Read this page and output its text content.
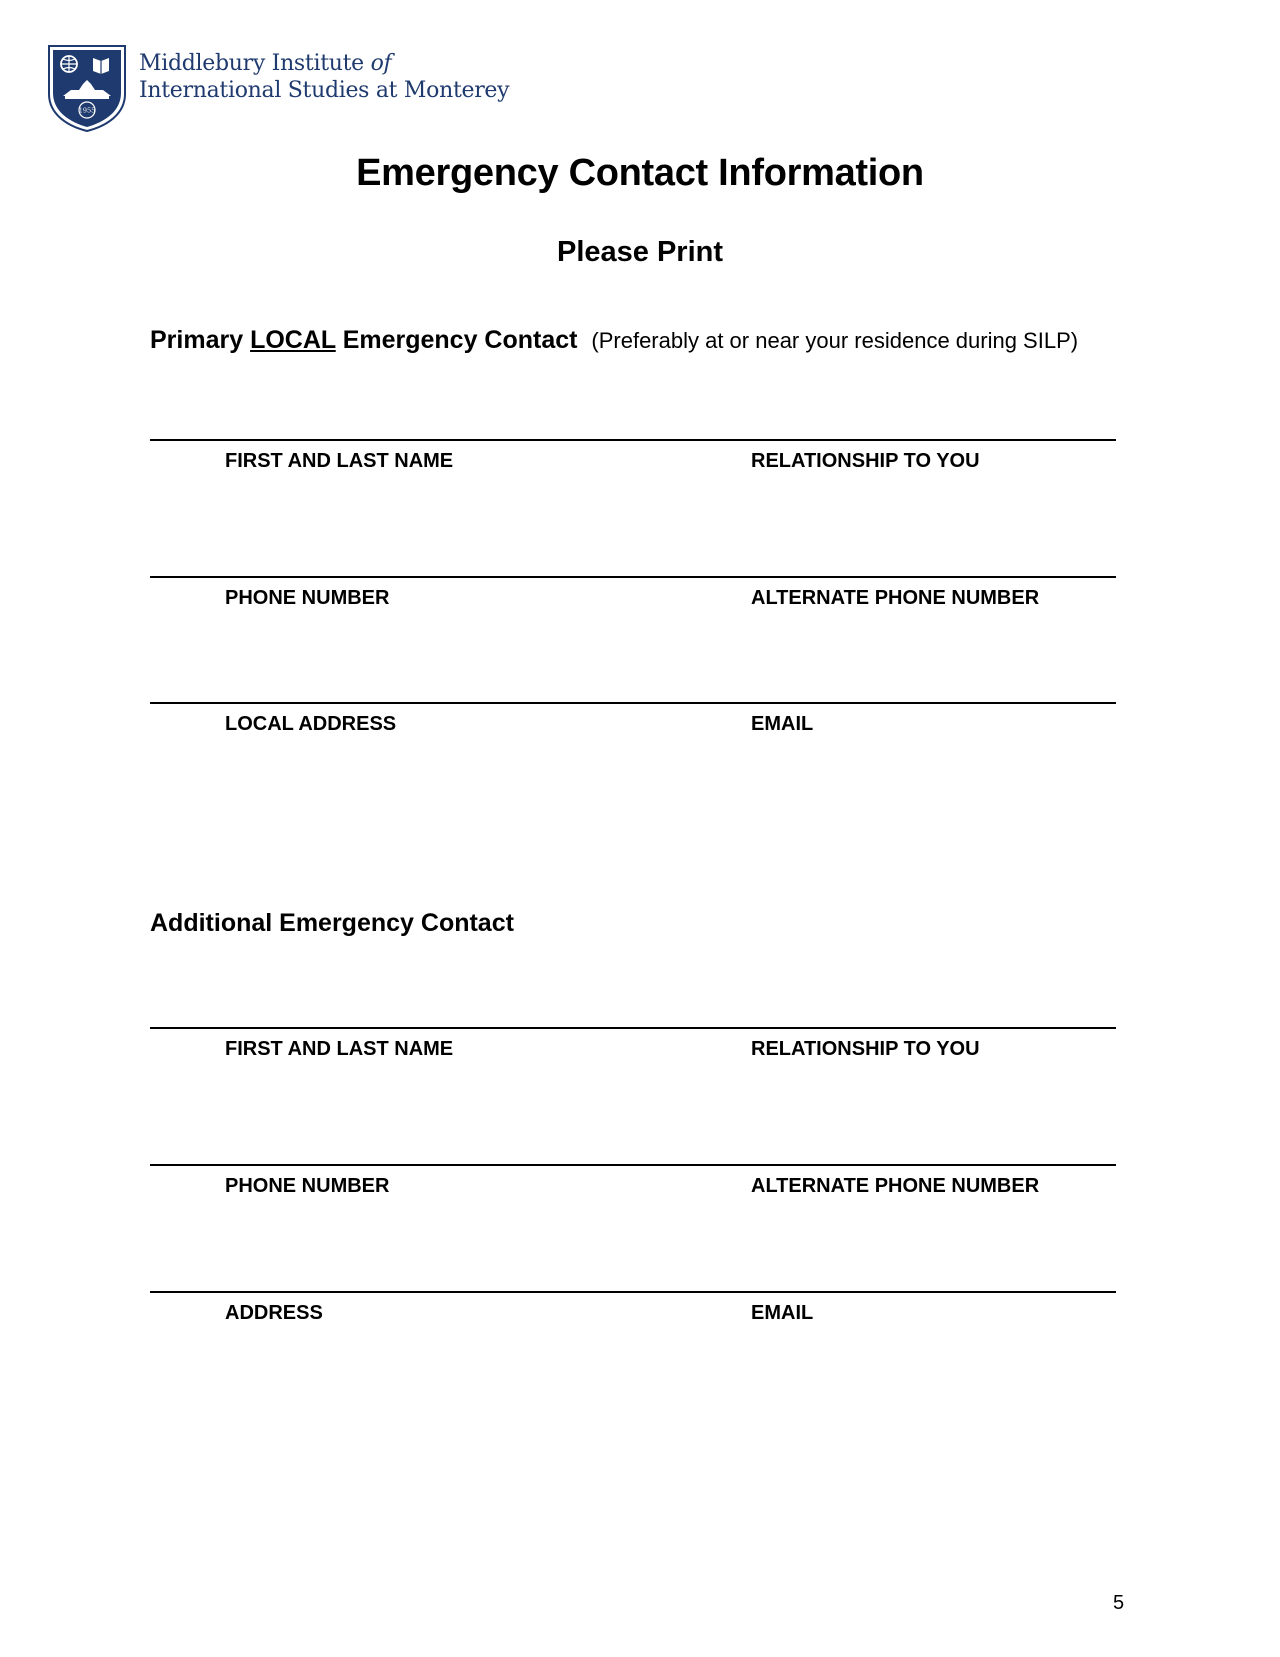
1955
Middlebury Institute of
International Studies at Monterey
Emergency Contact Information
Please Print
Primary LOCAL Emergency Contact (Preferably at or near your residence during SILP)
FIRST AND LAST NAME	RELATIONSHIP TO YOU
PHONE NUMBER	ALTERNATE PHONE NUMBER
LOCAL ADDRESS	EMAIL
Additional Emergency Contact
FIRST AND LAST NAME	RELATIONSHIP TO YOU
PHONE NUMBER	ALTERNATE PHONE NUMBER
ADDRESS	EMAIL
5
